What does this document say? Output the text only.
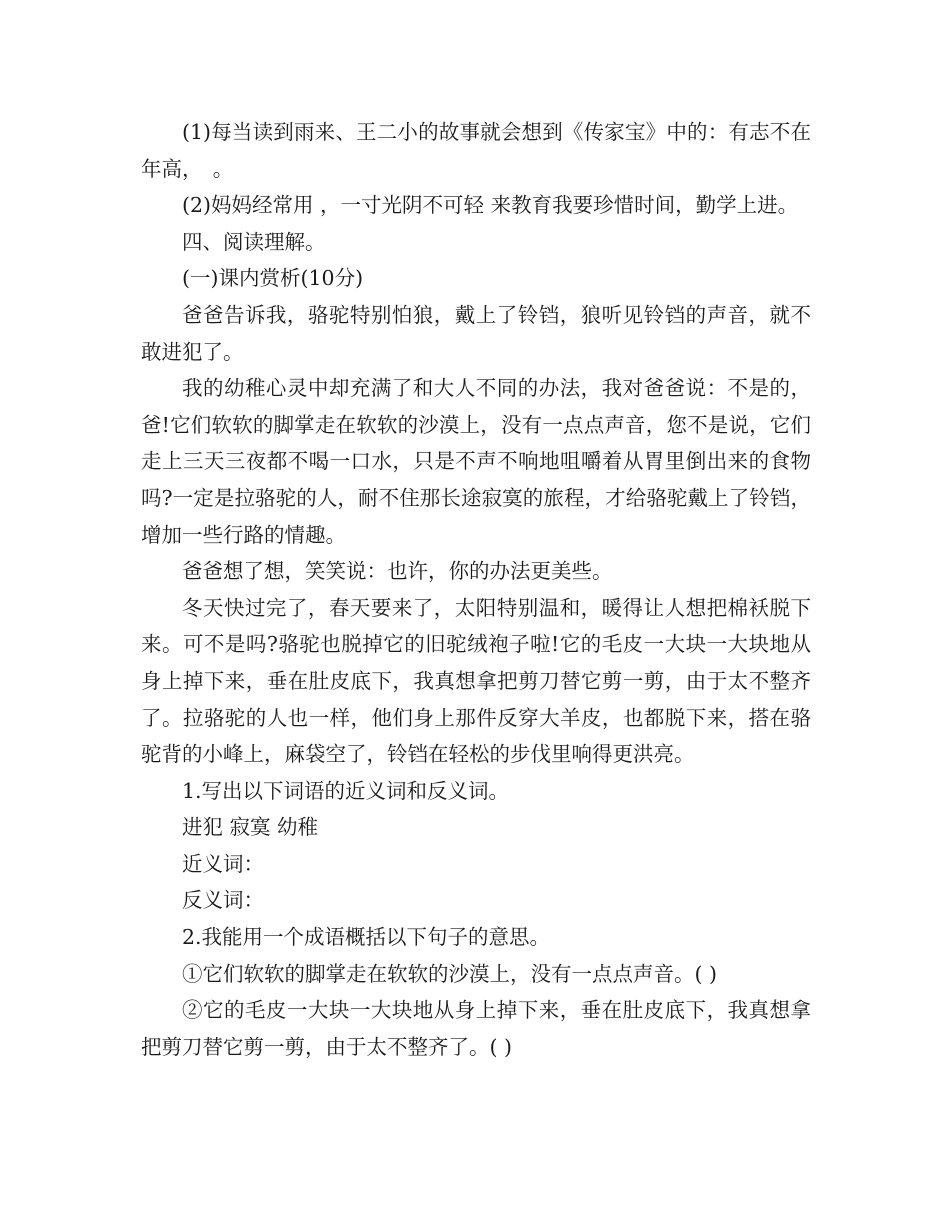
(1)每当读到雨来、王二小的故事就会想到《传家宝》中的：有志不在年高，　。

(2)妈妈经常用 ，一寸光阴不可轻 来教育我要珍惜时间，勤学上进。

四、阅读理解。

(一)课内赏析(10分)

爸爸告诉我，骆驼特别怕狼，戴上了铃铛，狼听见铃铛的声音，就不敢进犯了。

我的幼稚心灵中却充满了和大人不同的办法，我对爸爸说：不是的，爸!它们软软的脚掌走在软软的沙漠上，没有一点点声音，您不是说，它们走上三天三夜都不喝一口水，只是不声不响地咀嚼着从胃里倒出来的食物吗?一定是拉骆驼的人，耐不住那长途寂寞的旅程，才给骆驼戴上了铃铛，增加一些行路的情趣。

爸爸想了想，笑笑说：也许，你的办法更美些。

冬天快过完了，春天要来了，太阳特别温和，暖得让人想把棉袄脱下来。可不是吗?骆驼也脱掉它的旧驼绒袍子啦!它的毛皮一大块一大块地从身上掉下来，垂在肚皮底下，我真想拿把剪刀替它剪一剪，由于太不整齐了。拉骆驼的人也一样，他们身上那件反穿大羊皮，也都脱下来，搭在骆驼背的小峰上，麻袋空了，铃铛在轻松的步伐里响得更洪亮。

1.写出以下词语的近义词和反义词。

进犯 寂寞 幼稚

近义词：

反义词：

2.我能用一个成语概括以下句子的意思。

①它们软软的脚掌走在软软的沙漠上，没有一点点声音。( )

②它的毛皮一大块一大块地从身上掉下来，垂在肚皮底下，我真想拿把剪刀替它剪一剪，由于太不整齐了。( )
